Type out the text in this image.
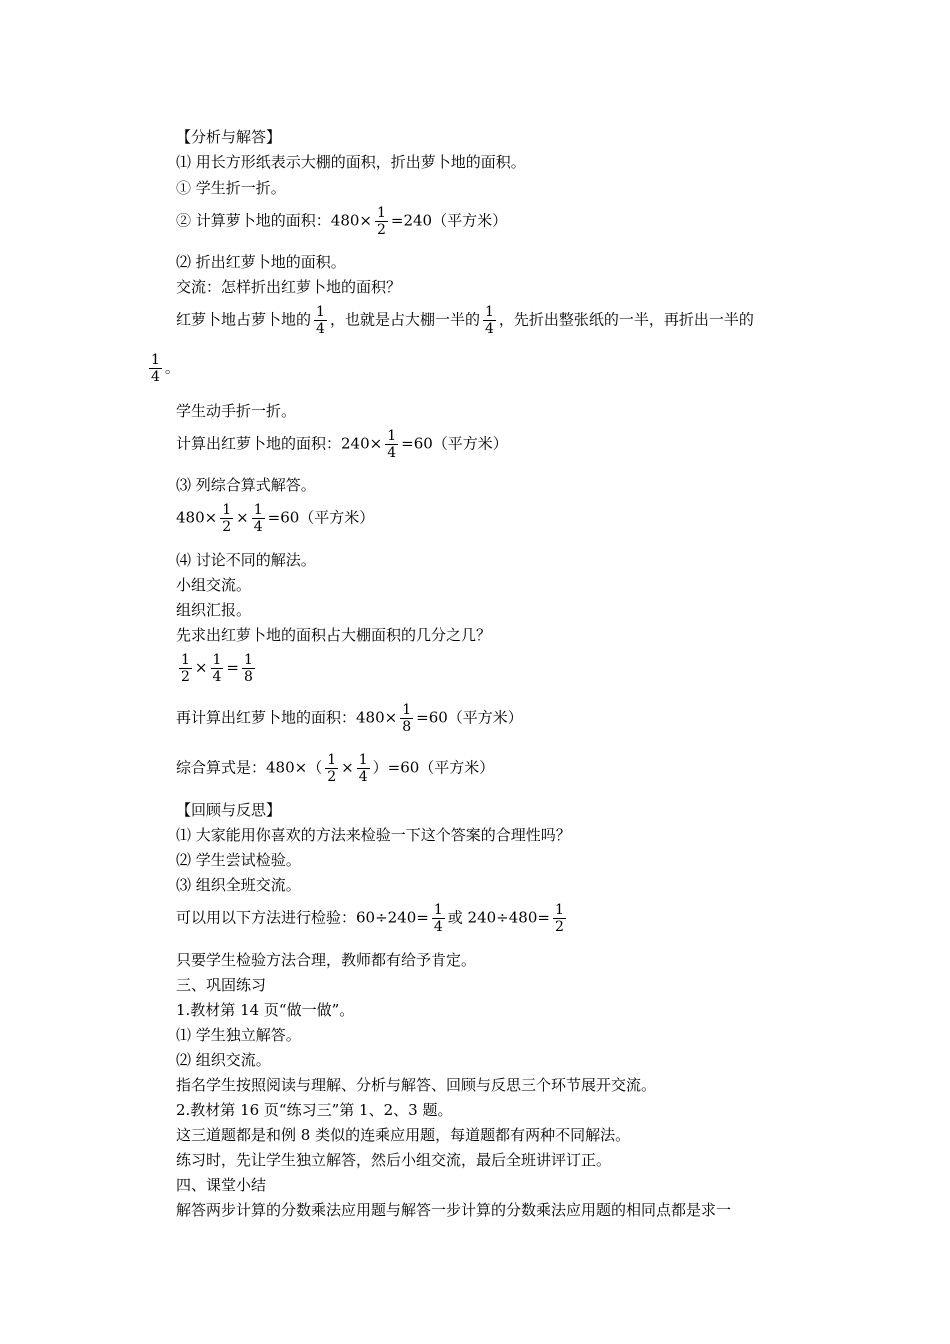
【分析与解答】
⑴ 用长方形纸表示大棚的面积，折出萝卜地的面积。
① 学生折一折。
② 计算萝卜地的面积：$480\times \frac{1}{2} =240$（平方米）
⑵ 折出红萝卜地的面积。
交流：怎样折出红萝卜地的面积？
红萝卜地占萝卜地的 $\frac{1}{4}$ ，也就是占大棚一半的 $\frac{1}{4}$ ，先折出整张纸的一半，再折出一半的
$\frac{1}{4}$ 。
学生动手折一折。
计算出红萝卜地的面积：$240\times \frac{1}{4} =60$（平方米）
⑶ 列综合算式解答。
$480\times \frac{1}{2} \times \frac{1}{4} =60$（平方米）
⑷ 讨论不同的解法。
小组交流。
组织汇报。
先求出红萝卜地的面积占大棚面积的几分之几？
$\frac{1}{2} \times \frac{1}{4} = \frac{1}{8}$
再计算出红萝卜地的面积：$480\times \frac{1}{8} =60$（平方米）
综合算式是：$480\times( \frac{1}{2} \times \frac{1}{4} )=60$（平方米）
【回顾与反思】
⑴ 大家能用你喜欢的方法来检验一下这个答案的合理性吗？
⑵ 学生尝试检验。
⑶ 组织全班交流。
可以用以下方法进行检验：$60\div 240= \frac{1}{4}$ 或 $240\div 480= \frac{1}{2}$
只要学生检验方法合理，教师都有给予肯定。
三、巩固练习
1.教材第 14 页“做一做”。
⑴ 学生独立解答。
⑵ 组织交流。
指名学生按照阅读与理解、分析与解答、回顾与反思三个环节展开交流。
2.教材第 16 页“练习三”第 1、2、3 题。
这三道题都是和例 8 类似的连乘应用题，每道题都有两种不同解法。
练习时，先让学生独立解答，然后小组交流，最后全班讲评订正。
四、课堂小结
解答两步计算的分数乘法应用题与解答一步计算的分数乘法应用题的相同点都是求一
